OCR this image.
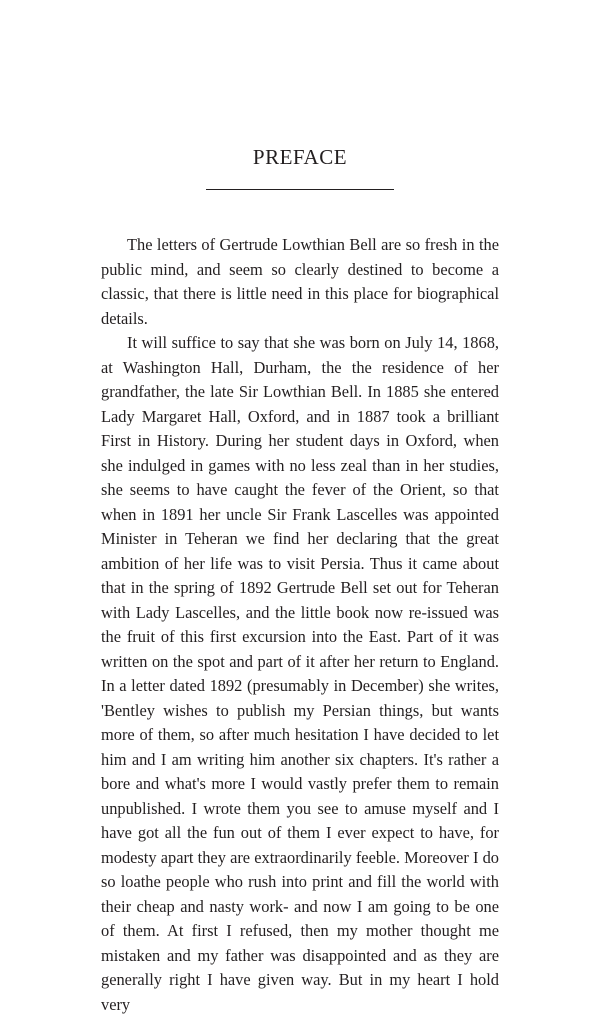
PREFACE

The letters of Gertrude Lowthian Bell are so fresh in the public mind, and seem so clearly destined to become a classic, that there is little need in this place for biographical details.

It will suffice to say that she was born on July 14, 1868, at Washington Hall, Durham, the the residence of her grandfather, the late Sir Lowthian Bell. In 1885 she entered Lady Margaret Hall, Oxford, and in 1887 took a brilliant First in History. During her student days in Oxford, when she indulged in games with no less zeal than in her studies, she seems to have caught the fever of the Orient, so that when in 1891 her uncle Sir Frank Lascelles was appointed Minister in Teheran we find her declaring that the great ambition of her life was to visit Persia. Thus it came about that in the spring of 1892 Gertrude Bell set out for Teheran with Lady Lascelles, and the little book now re-issued was the fruit of this first excursion into the East. Part of it was written on the spot and part of it after her return to England. In a letter dated 1892 (presumably in December) she writes, 'Bentley wishes to publish my Persian things, but wants more of them, so after much hesitation I have decided to let him and I am writing him another six chapters. It's rather a bore and what's more I would vastly prefer them to remain unpublished. I wrote them you see to amuse myself and I have got all the fun out of them I ever expect to have, for modesty apart they are extraordinarily feeble. Moreover I do so loathe people who rush into print and fill the world with their cheap and nasty work- and now I am going to be one of them. At first I refused, then my mother thought me mistaken and my father was disappointed and as they are generally right I have given way. But in my heart I hold very
